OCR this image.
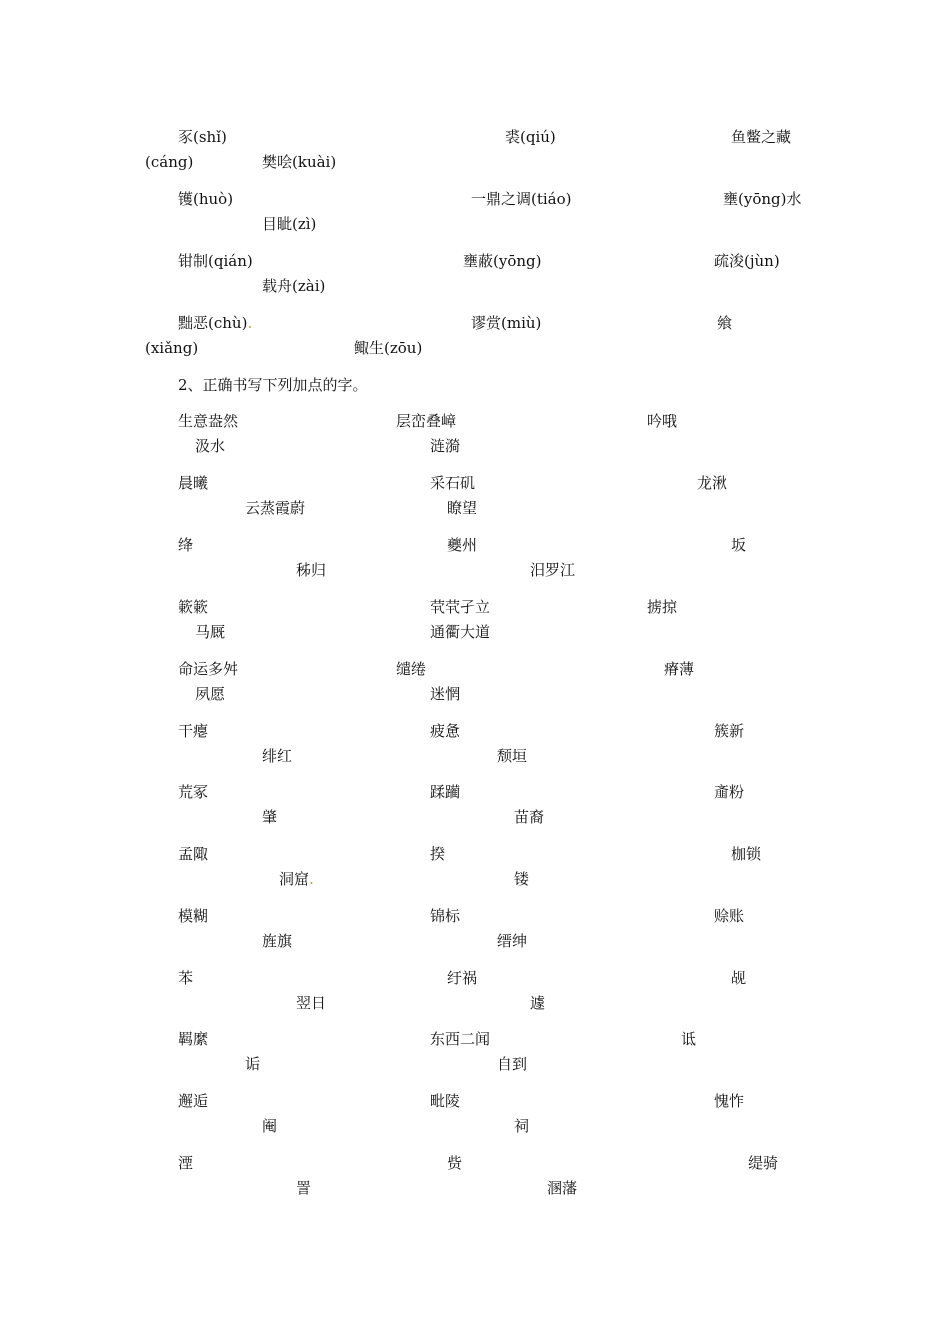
豕(shǐ)	裘(qiú)	鱼鳖之藏
(cáng)	樊哙(kuài)
镬(huò)	一鼎之调(tiáo)	壅(yōng)水
目眦(zì)
钳制(qián)	壅蔽(yōng)	疏浚(jùn)
载舟(zài)
黜恶(chù).	谬赏(miù)	飨
(xiǎng)	鲰生(zōu)
2、正确书写下列加点的字。
生意盎然	层峦叠嶂	吟哦
汲水	涟漪
晨曦	采石矶	龙湫
云蒸霞蔚	瞭望
绛	夔州	坂
秭归	汨罗江
簌簌	茕茕孑立	掳掠
马厩	通衢大道
命运多舛	缱绻	瘠薄
夙愿	迷惘
干瘪	疲惫	簇新
绯红	颓垣
荒冢	蹂躏	齑粉
肇	苗裔
孟陬	揆	枷锁
洞窟.	镂
模糊	锦标	赊账
旌旗	缙绅
苯	纡祸	觇
翌日	遽
羁縻	东西二闻	诋
诟	自到
邂逅	毗陵	愧怍
阉	祠
湮	赀	缇骑
詈	溷藩
